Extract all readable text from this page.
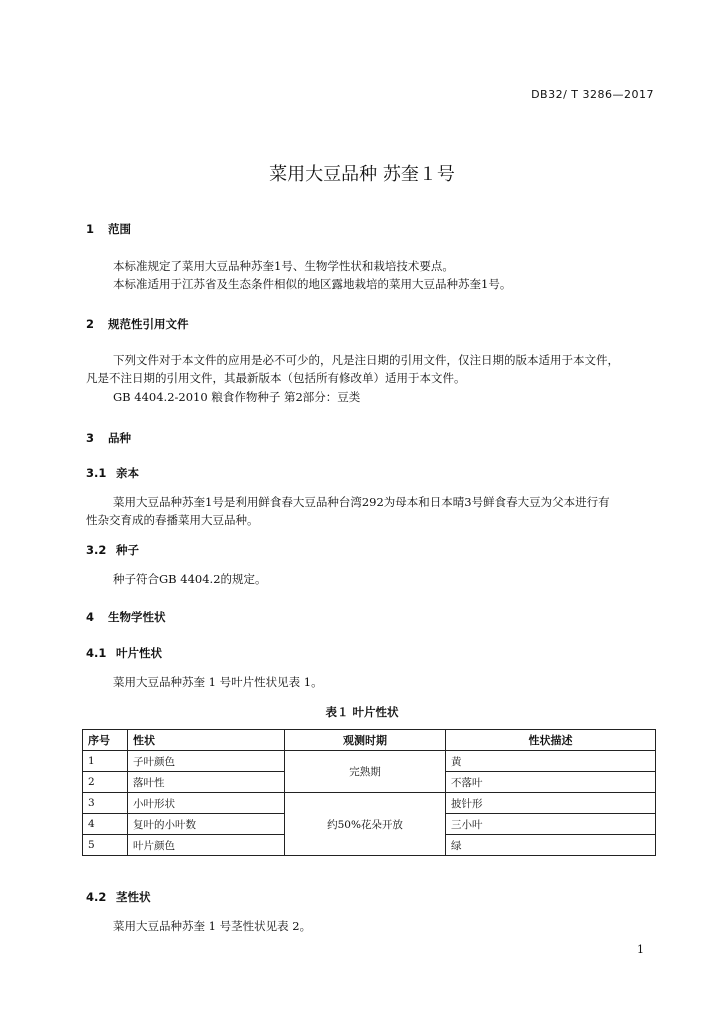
DB32/ T 3286—2017
菜用大豆品种 苏奎１号
1 范围
本标准规定了菜用大豆品种苏奎1号、生物学性状和栽培技术要点。
本标准适用于江苏省及生态条件相似的地区露地栽培的菜用大豆品种苏奎1号。
2 规范性引用文件
下列文件对于本文件的应用是必不可少的，凡是注日期的引用文件，仅注日期的版本适用于本文件，
凡是不注日期的引用文件，其最新版本（包括所有修改单）适用于本文件。
GB 4404.2-2010 粮食作物种子 第2部分：豆类
3 品种
3.1 亲本
菜用大豆品种苏奎1号是利用鲜食春大豆品种台湾292为母本和日本晴3号鲜食春大豆为父本进行有
性杂交育成的春播菜用大豆品种。
3.2 种子
种子符合GB 4404.2的规定。
4 生物学性状
4.1 叶片性状
菜用大豆品种苏奎 1 号叶片性状见表 1。
表１ 叶片性状
序号	性状	观测时期	性状描述
1	子叶颜色	完熟期	黄
2	落叶性		不落叶
3	小叶形状	约50%花朵开放	披针形
4	复叶的小叶数		三小叶
5	叶片颜色		绿
4.2 茎性状
菜用大豆品种苏奎 1 号茎性状见表 2。
1
